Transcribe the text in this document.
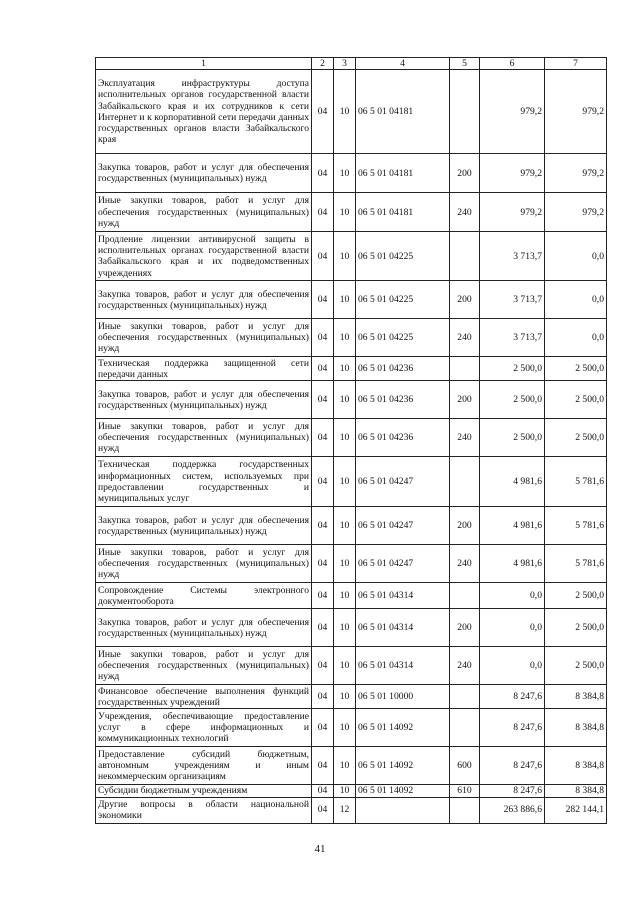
1	2	3	4	5	6	7

Эксплуатация инфраструктуры доступа исполнительных органов государственной власти Забайкальского края и их сотрудников к сети Интернет и к корпоративной сети передачи данных государственных органов власти Забайкальского края	04	10	06 5 01 04181		979,2	979,2

Закупка товаров, работ и услуг для обеспечения государственных (муниципальных) нужд	04	10	06 5 01 04181	200	979,2	979,2

Иные закупки товаров, работ и услуг для обеспечения государственных (муниципальных) нужд	04	10	06 5 01 04181	240	979,2	979,2

Продление лицензии антивирусной защиты в исполнительных органах государственной власти Забайкальского края и их подведомственных учреждениях	04	10	06 5 01 04225		3 713,7	0,0

Закупка товаров, работ и услуг для обеспечения государственных (муниципальных) нужд	04	10	06 5 01 04225	200	3 713,7	0,0

Иные закупки товаров, работ и услуг для обеспечения государственных (муниципальных) нужд	04	10	06 5 01 04225	240	3 713,7	0,0

Техническая поддержка защищенной сети передачи данных	04	10	06 5 01 04236		2 500,0	2 500,0

Закупка товаров, работ и услуг для обеспечения государственных (муниципальных) нужд	04	10	06 5 01 04236	200	2 500,0	2 500,0

Иные закупки товаров, работ и услуг для обеспечения государственных (муниципальных) нужд	04	10	06 5 01 04236	240	2 500,0	2 500,0

Техническая поддержка государственных информационных систем, используемых при предоставлении государственных и муниципальных услуг	04	10	06 5 01 04247		4 981,6	5 781,6

Закупка товаров, работ и услуг для обеспечения государственных (муниципальных) нужд	04	10	06 5 01 04247	200	4 981,6	5 781,6

Иные закупки товаров, работ и услуг для обеспечения государственных (муниципальных) нужд	04	10	06 5 01 04247	240	4 981,6	5 781,6

Сопровождение Системы электронного документооборота	04	10	06 5 01 04314		0,0	2 500,0

Закупка товаров, работ и услуг для обеспечения государственных (муниципальных) нужд	04	10	06 5 01 04314	200	0,0	2 500,0

Иные закупки товаров, работ и услуг для обеспечения государственных (муниципальных) нужд	04	10	06 5 01 04314	240	0,0	2 500,0

Финансовое обеспечение выполнения функций государственных учреждений	04	10	06 5 01 10000		8 247,6	8 384,8

Учреждения, обеспечивающие предоставление услуг в сфере информационных и коммуникационных технологий	04	10	06 5 01 14092		8 247,6	8 384,8

Предоставление субсидий бюджетным, автономным учреждениям и иным некоммерческим организациям	04	10	06 5 01 14092	600	8 247,6	8 384,8

Субсидии бюджетным учреждениям	04	10	06 5 01 14092	610	8 247,6	8 384,8

Другие вопросы в области национальной экономики	04	12			263 886,6	282 144,1
41
